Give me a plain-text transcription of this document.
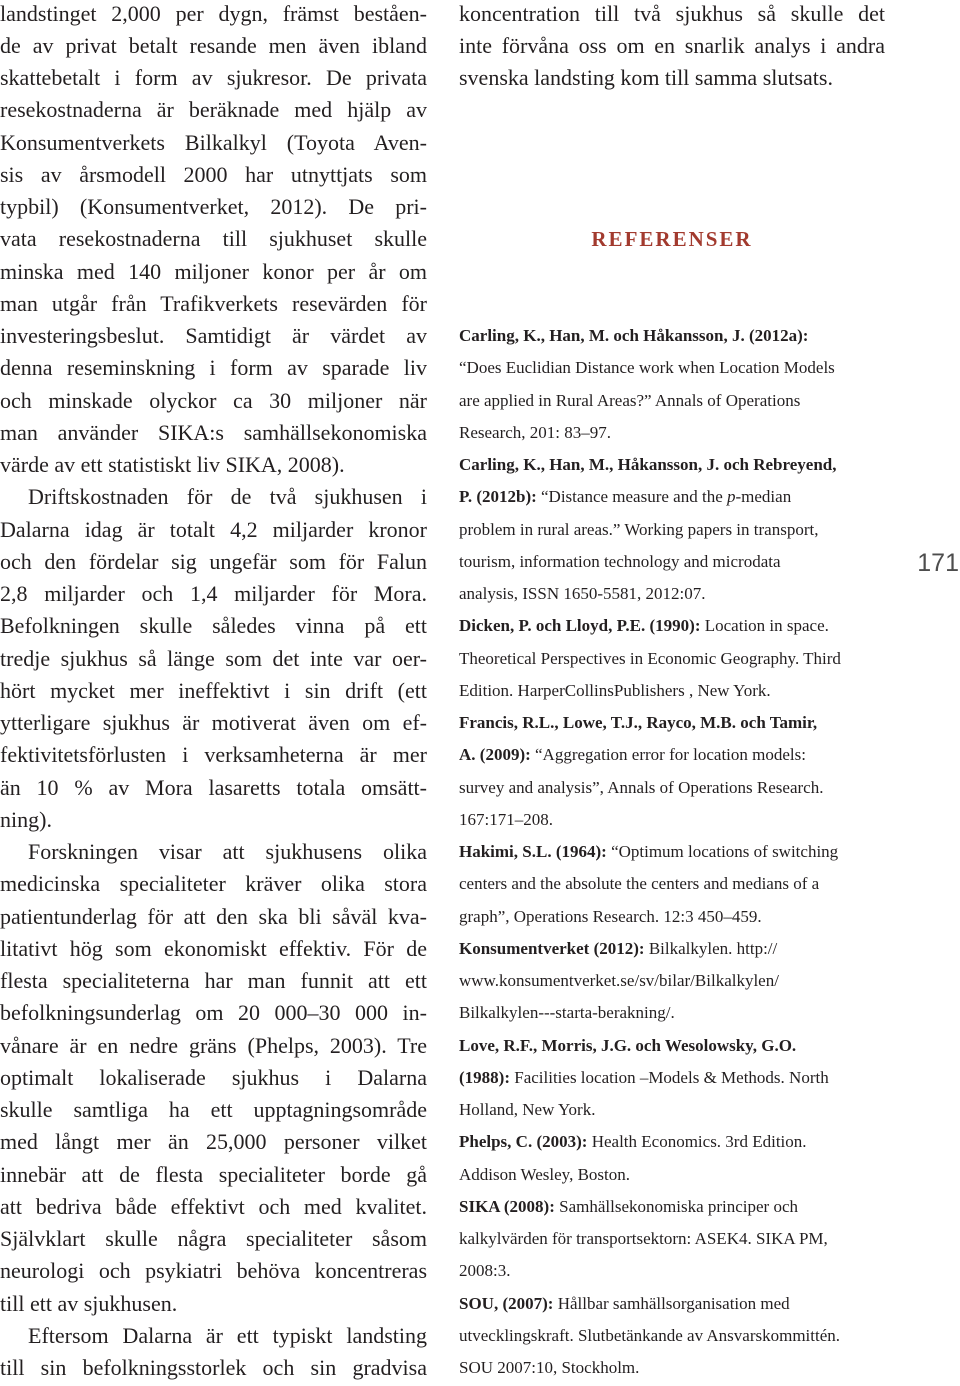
landstinget 2,000 per dygn, främst beståen-
de av privat betalt resande men även ibland
skattebetalt i form av sjukresor. De privata
resekostnaderna är beräknade med hjälp av
Konsumentverkets Bilkalkyl (Toyota Aven-
sis av årsmodell 2000 har utnyttjats som
typbil) (Konsumentverket, 2012). De pri-
vata resekostnaderna till sjukhuset skulle
minska med 140 miljoner konor per år om
man utgår från Trafikverkets resevärden för
investeringsbeslut. Samtidigt är värdet av
denna reseminskning i form av sparade liv
och minskade olyckor ca 30 miljoner när
man använder SIKA:s samhällsekonomiska
värde av ett statistiskt liv SIKA, 2008).
Driftskostnaden för de två sjukhusen i
Dalarna idag är totalt 4,2 miljarder kronor
och den fördelar sig ungefär som för Falun
2,8 miljarder och 1,4 miljarder för Mora.
Befolkningen skulle således vinna på ett
tredje sjukhus så länge som det inte var oer-
hört mycket mer ineffektivt i sin drift (ett
ytterligare sjukhus är motiverat även om ef-
fektivitetsförlusten i verksamheterna är mer
än 10 % av Mora lasaretts totala omsätt-
ning).
Forskningen visar att sjukhusens olika
medicinska specialiteter kräver olika stora
patientunderlag för att den ska bli såväl kva-
litativt hög som ekonomiskt effektiv. För de
flesta specialiteterna har man funnit att ett
befolkningsunderlag om 20 000–30 000 in-
vånare är en nedre gräns (Phelps, 2003). Tre
optimalt lokaliserade sjukhus i Dalarna
skulle samtliga ha ett upptagningsområde
med långt mer än 25,000 personer vilket
innebär att de flesta specialiteter borde gå
att bedriva både effektivt och med kvalitet.
Självklart skulle några specialiteter såsom
neurologi och psykiatri behöva koncentreras
till ett av sjukhusen.
Eftersom Dalarna är ett typiskt landsting
till sin befolkningsstorlek och sin gradvisa
koncentration till två sjukhus så skulle det
inte förvåna oss om en snarlik analys i andra
svenska landsting kom till samma slutsats.
REFERENSER
Carling, K., Han, M. och Håkansson, J. (2012a):
“Does Euclidian Distance work when Location Models
are applied in Rural Areas?” Annals of Operations
Research, 201: 83–97.
Carling, K., Han, M., Håkansson, J. och Rebreyend,
P. (2012b): “Distance measure and the p-median
problem in rural areas.” Working papers in transport,
tourism, information technology and microdata
analysis, ISSN 1650-5581, 2012:07.
Dicken, P. och Lloyd, P.E. (1990): Location in space.
Theoretical Perspectives in Economic Geography. Third
Edition. HarperCollinsPublishers , New York.
Francis, R.L., Lowe, T.J., Rayco, M.B. och Tamir,
A. (2009): “Aggregation error for location models:
survey and analysis”, Annals of Operations Research.
167:171–208.
Hakimi, S.L. (1964): “Optimum locations of switching
centers and the absolute the centers and medians of a
graph”, Operations Research. 12:3 450–459.
Konsumentverket (2012): Bilkalkylen. http://
www.konsumentverket.se/sv/bilar/Bilkalkylen/
Bilkalkylen---starta-berakning/.
Love, R.F., Morris, J.G. och Wesolowsky, G.O.
(1988): Facilities location –Models & Methods. North
Holland, New York.
Phelps, C. (2003): Health Economics. 3rd Edition.
Addison Wesley, Boston.
SIKA (2008): Samhällsekonomiska principer och
kalkylvärden för transportsektorn: ASEK4. SIKA PM,
2008:3.
SOU, (2007): Hållbar samhällsorganisation med
utvecklingskraft. Slutbetänkande av Ansvarskommittén.
SOU 2007:10, Stockholm.
171
